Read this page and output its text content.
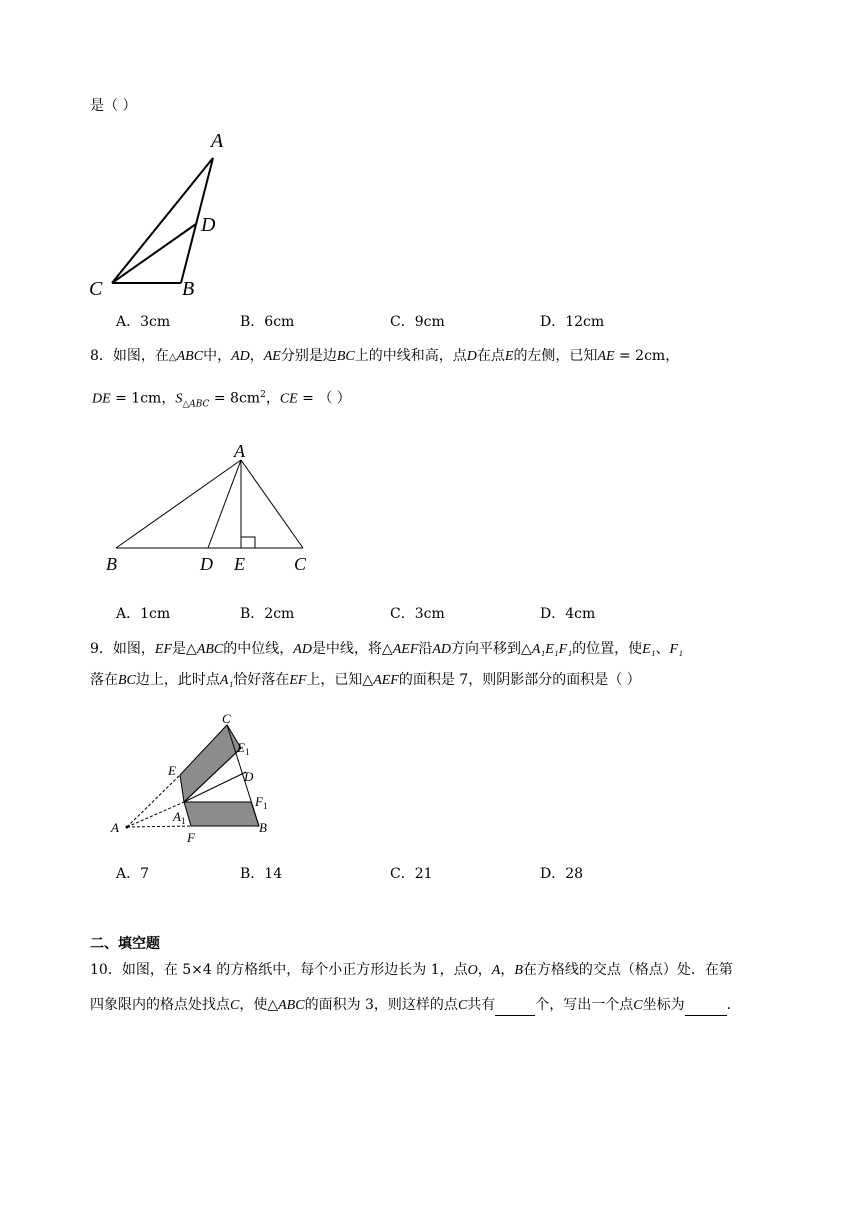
是（ ）
A
D
C	B
A．3cm	B．6cm	C．9cm	D．12cm
8．如图，在△ABC中，AD，AE分别是边BC上的中线和高，点D在点E的左侧，已知AE = 2cm，
DE = 1cm，$S_{\triangle ABC} = 8cm^2$，CE = （ ）
A
B	D E	C
A．1cm	B．2cm	C．3cm	D．4cm
9．如图，EF是△ABC的中位线，AD是中线，将△AEF沿AD方向平移到△A₁E₁F₁的位置，使E₁、F₁
落在BC边上，此时点A₁恰好落在EF上，已知△AEF的面积是 7，则阴影部分的面积是（ ）
C
$E_1$
D
E
$F_1$
$A_1$
A	B
F
A．7	B．14	C．21	D．28
二、填空题
10．如图，在 5×4 的方格纸中，每个小正方形边长为 1，点O，A，B在方格线的交点（格点）处．在第
四象限内的格点处找点C，使△ABC的面积为 3，则这样的点C共有	个，写出一个点C坐标为	．
